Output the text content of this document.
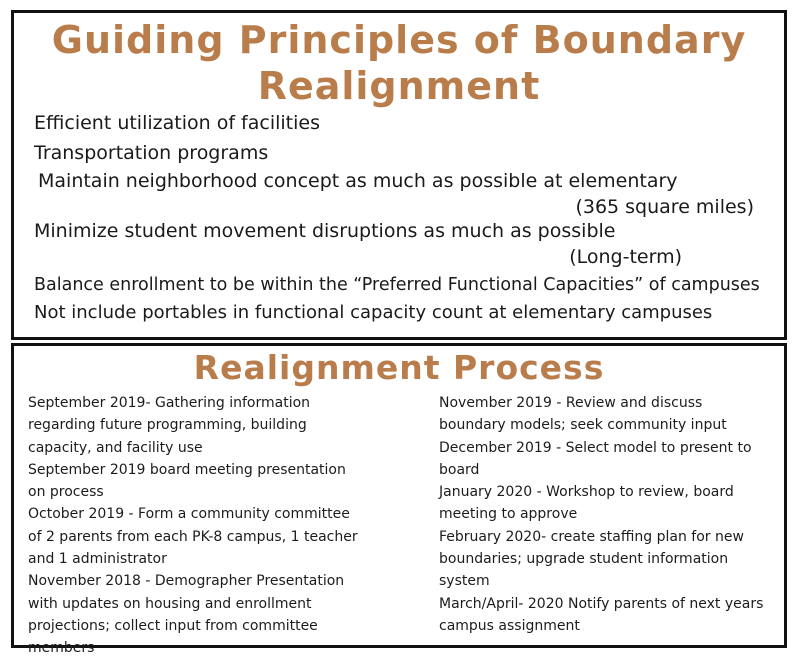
Guiding Principles of Boundary
Realignment
Efficient utilization of facilities
Transportation programs
Maintain neighborhood concept as much as possible at elementary
(365 square miles)
Minimize student movement disruptions as much as possible
(Long-term)
Balance enrollment to be within the “Preferred Functional Capacities” of campuses
Not include portables in functional capacity count at elementary campuses
Realignment Process
September 2019- Gathering information
regarding future programming, building
capacity, and facility use
September 2019 board meeting presentation
on process
October 2019 - Form a community committee
of 2 parents from each PK-8 campus, 1 teacher
and 1 administrator
November 2018 - Demographer Presentation
with updates on housing and enrollment
projections; collect input from committee
members
November 2019 - Review and discuss
boundary models; seek community input
December 2019 - Select model to present to
board
January 2020 - Workshop to review, board
meeting to approve
February 2020- create staffing plan for new
boundaries; upgrade student information
system
March/April- 2020 Notify parents of next years
campus assignment
